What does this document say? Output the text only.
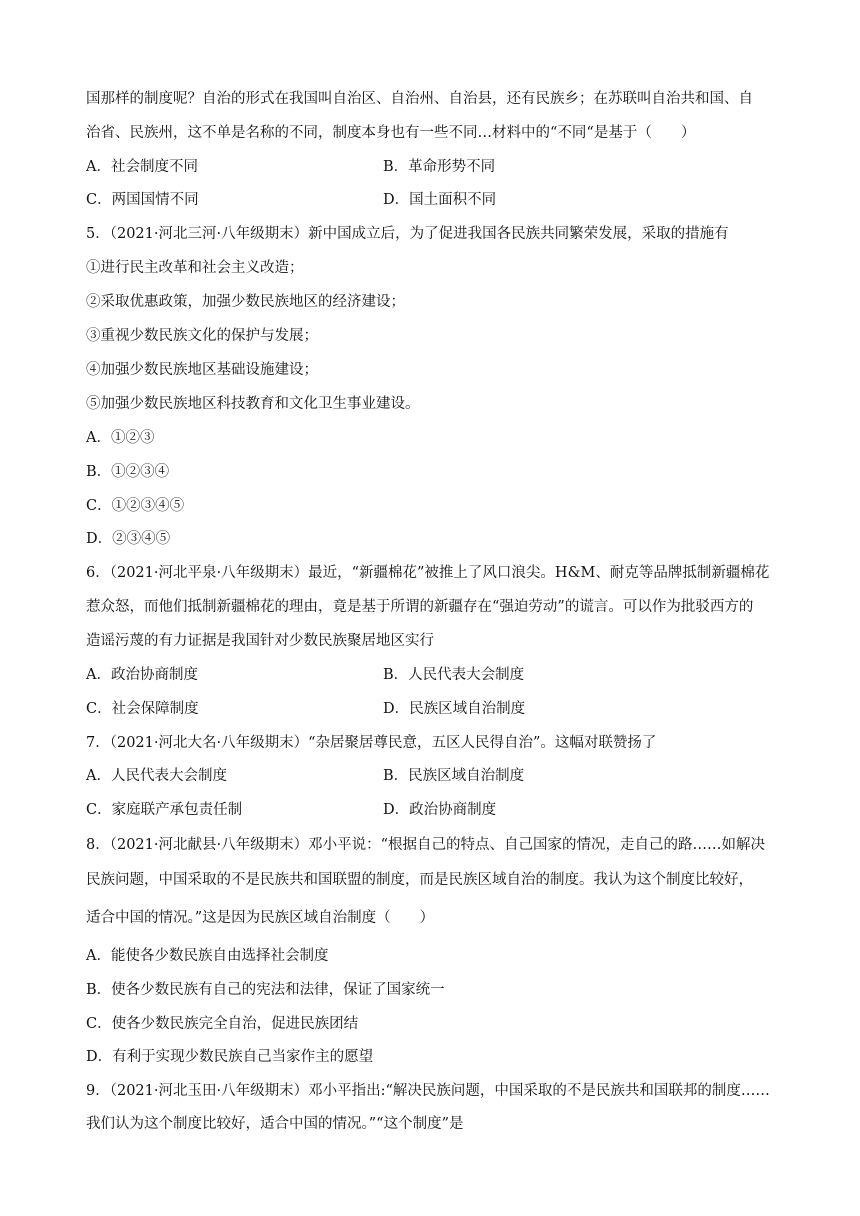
国那样的制度呢？自治的形式在我国叫自治区、自治州、自治县，还有民族乡；在苏联叫自治共和国、自
治省、民族州，这不单是名称的不同，制度本身也有一些不同…材料中的“不同“是基于（　　）
A．社会制度不同	B．革命形势不同
C．两国国情不同	D．国土面积不同
5．（2021·河北三河·八年级期末）新中国成立后，为了促进我国各民族共同繁荣发展，采取的措施有
①进行民主改革和社会主义改造；
②采取优惠政策，加强少数民族地区的经济建设；
③重视少数民族文化的保护与发展；
④加强少数民族地区基础设施建设；
⑤加强少数民族地区科技教育和文化卫生事业建设。
A．①②③
B．①②③④
C．①②③④⑤
D．②③④⑤
6．（2021·河北平泉·八年级期末）最近，“新疆棉花”被推上了风口浪尖。H&M、耐克等品牌抵制新疆棉花
惹众怒，而他们抵制新疆棉花的理由，竟是基于所谓的新疆存在“强迫劳动”的谎言。可以作为批驳西方的
造谣污蔑的有力证据是我国针对少数民族聚居地区实行
A．政治协商制度	B．人民代表大会制度
C．社会保障制度	D．民族区域自治制度
7．（2021·河北大名·八年级期末）“杂居聚居尊民意，五区人民得自治”。这幅对联赞扬了
A．人民代表大会制度	B．民族区域自治制度
C．家庭联产承包责任制	D．政治协商制度
8．（2021·河北献县·八年级期末）邓小平说：“根据自己的特点、自己国家的情况，走自己的路……如解决
民族问题，中国采取的不是民族共和国联盟的制度，而是民族区域自治的制度。我认为这个制度比较好，
适合中国的情况。”这是因为民族区域自治制度（　　）
A．能使各少数民族自由选择社会制度
B．使各少数民族有自己的宪法和法律，保证了国家统一
C．使各少数民族完全自治，促进民族团结
D．有利于实现少数民族自己当家作主的愿望
9．（2021·河北玉田·八年级期末）邓小平指出:“解决民族问题，中国采取的不是民族共和国联邦的制度……
我们认为这个制度比较好，适合中国的情况。”“这个制度”是
